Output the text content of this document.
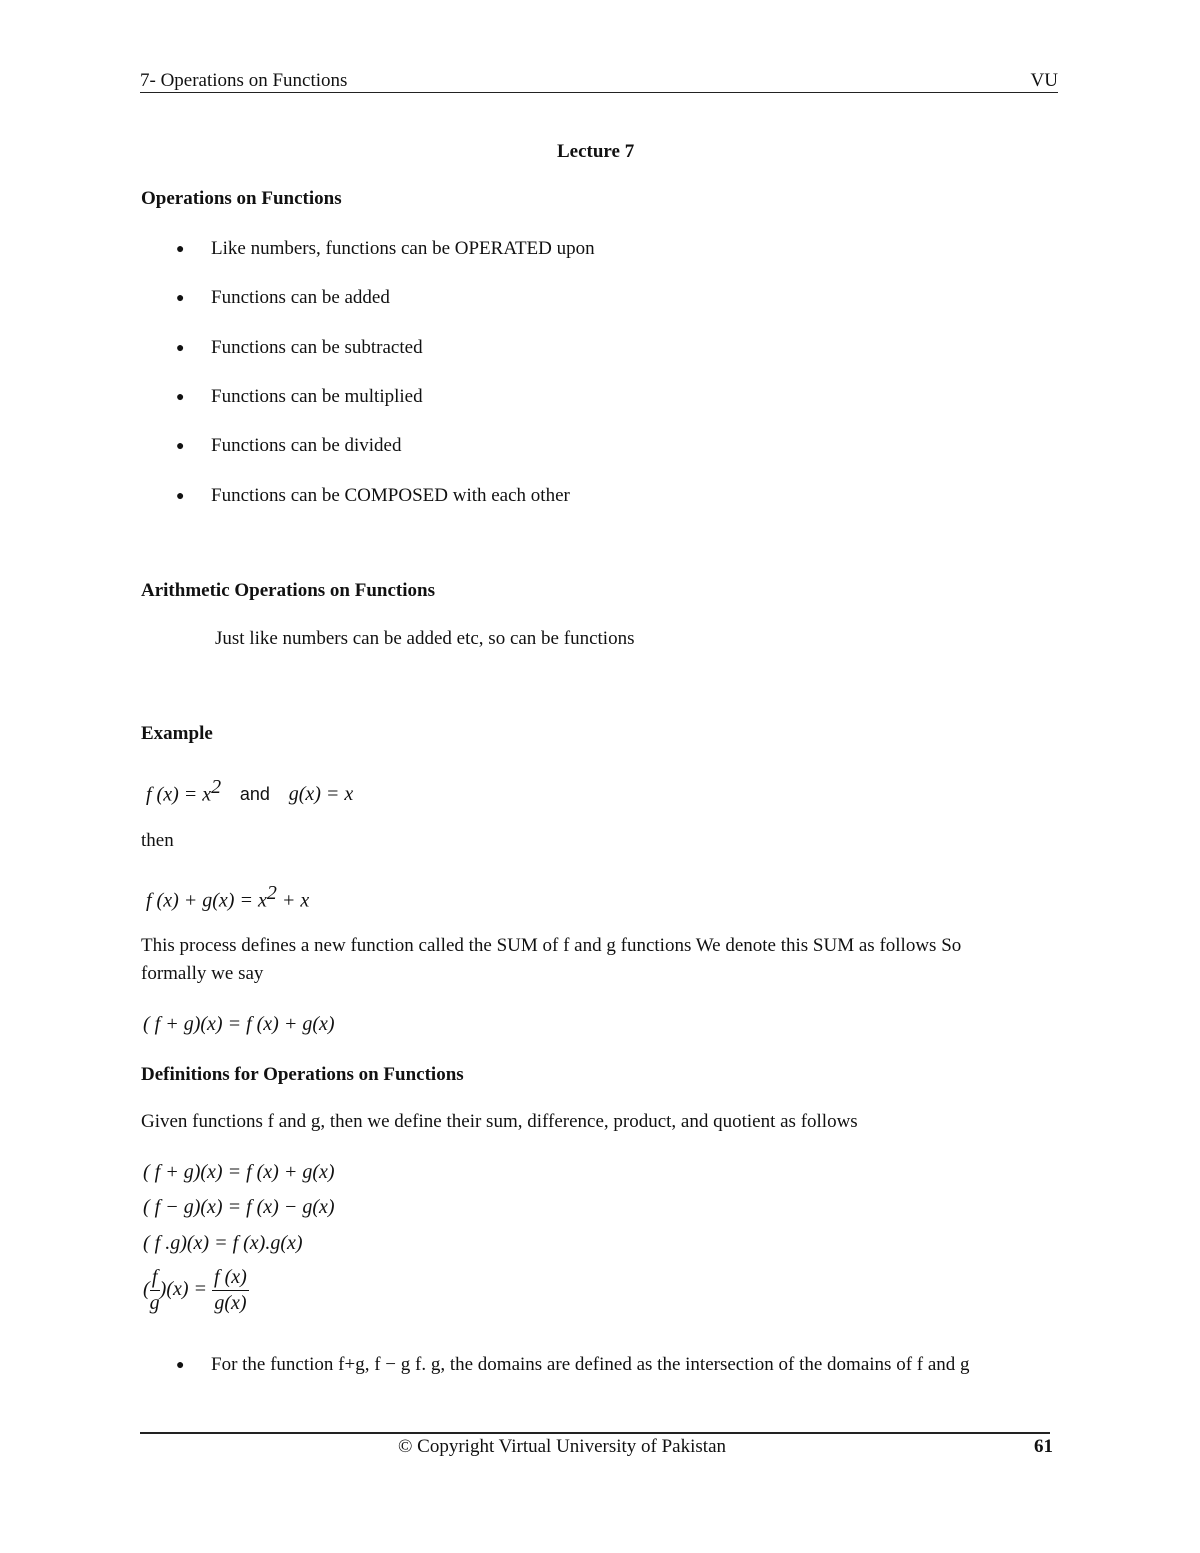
7- Operations on Functions	VU
Lecture 7
Operations on Functions
● Like numbers, functions can be OPERATED upon
● Functions can be added
● Functions can be subtracted
● Functions can be multiplied
● Functions can be divided
● Functions can be COMPOSED with each other
Arithmetic Operations on Functions
Just like numbers can be added etc, so can be functions
Example
f $(x) = x^2$ and g(x) = x
then
f $(x) + g(x) = x^2 + x$
This process defines a new function called the SUM of f and g functions We denote this SUM as follows So
formally we say
( f + g)(x) = f (x) + g(x)
Definitions for Operations on Functions
Given functions f and g, then we define their sum, difference, product, and quotient as follows
( f + g)(x) = f (x) + g(x)
( f − g)(x) = f (x) − g(x)
( f .g)(x) = f (x).g(x)
( $\frac{f}{g} )(x) = \frac{f (x)}{g(x)}$
● For the function f+g, f − g f. g, the domains are defined as the intersection of the domains of f and g
© Copyright Virtual University of Pakistan	61
